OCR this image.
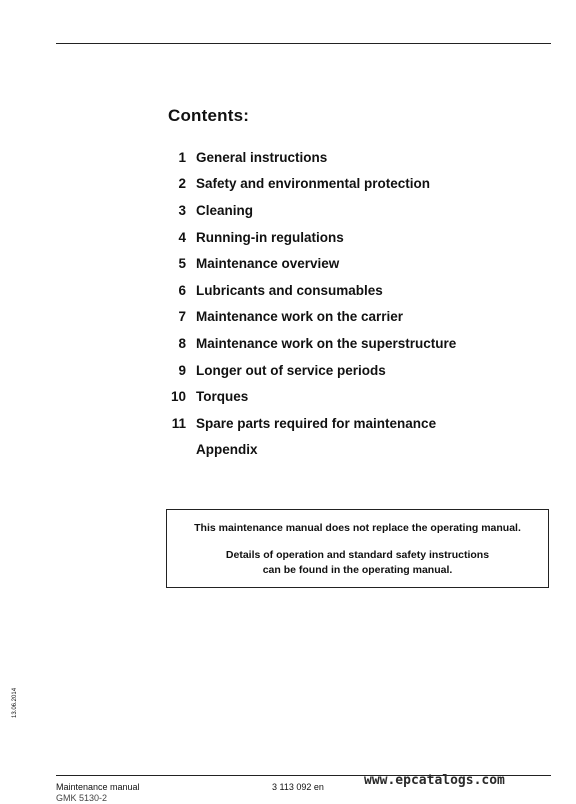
Contents:
1 General instructions
2 Safety and environmental protection
3 Cleaning
4 Running-in regulations
5 Maintenance overview
6 Lubricants and consumables
7 Maintenance work on the carrier
8 Maintenance work on the superstructure
9 Longer out of service periods
10 Torques
11 Spare parts required for maintenance
Appendix
This maintenance manual does not replace the operating manual.
Details of operation and standard safety instructions
can be found in the operating manual.
13.06.2014
Maintenance manual
GMK 5130-2
3 113 092 en	www.epcatalogs.com
